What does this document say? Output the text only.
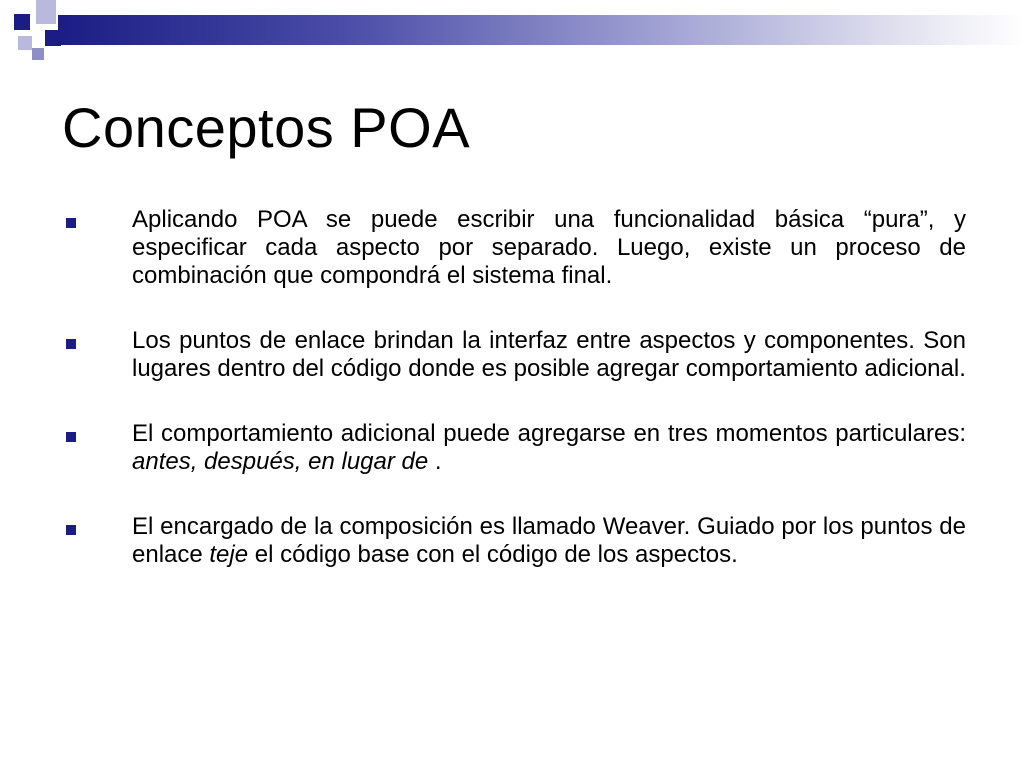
Conceptos POA
Aplicando POA se puede escribir una funcionalidad básica “pura”, y especificar cada aspecto por separado. Luego, existe un proceso de combinación que compondrá el sistema final.
Los puntos de enlace brindan la interfaz entre aspectos y componentes. Son lugares dentro del código donde es posible agregar comportamiento adicional.
El comportamiento adicional puede agregarse en tres momentos particulares: antes, después, en lugar de .
El encargado de la composición es llamado Weaver. Guiado por los puntos de enlace teje el código base con el código de los aspectos.
